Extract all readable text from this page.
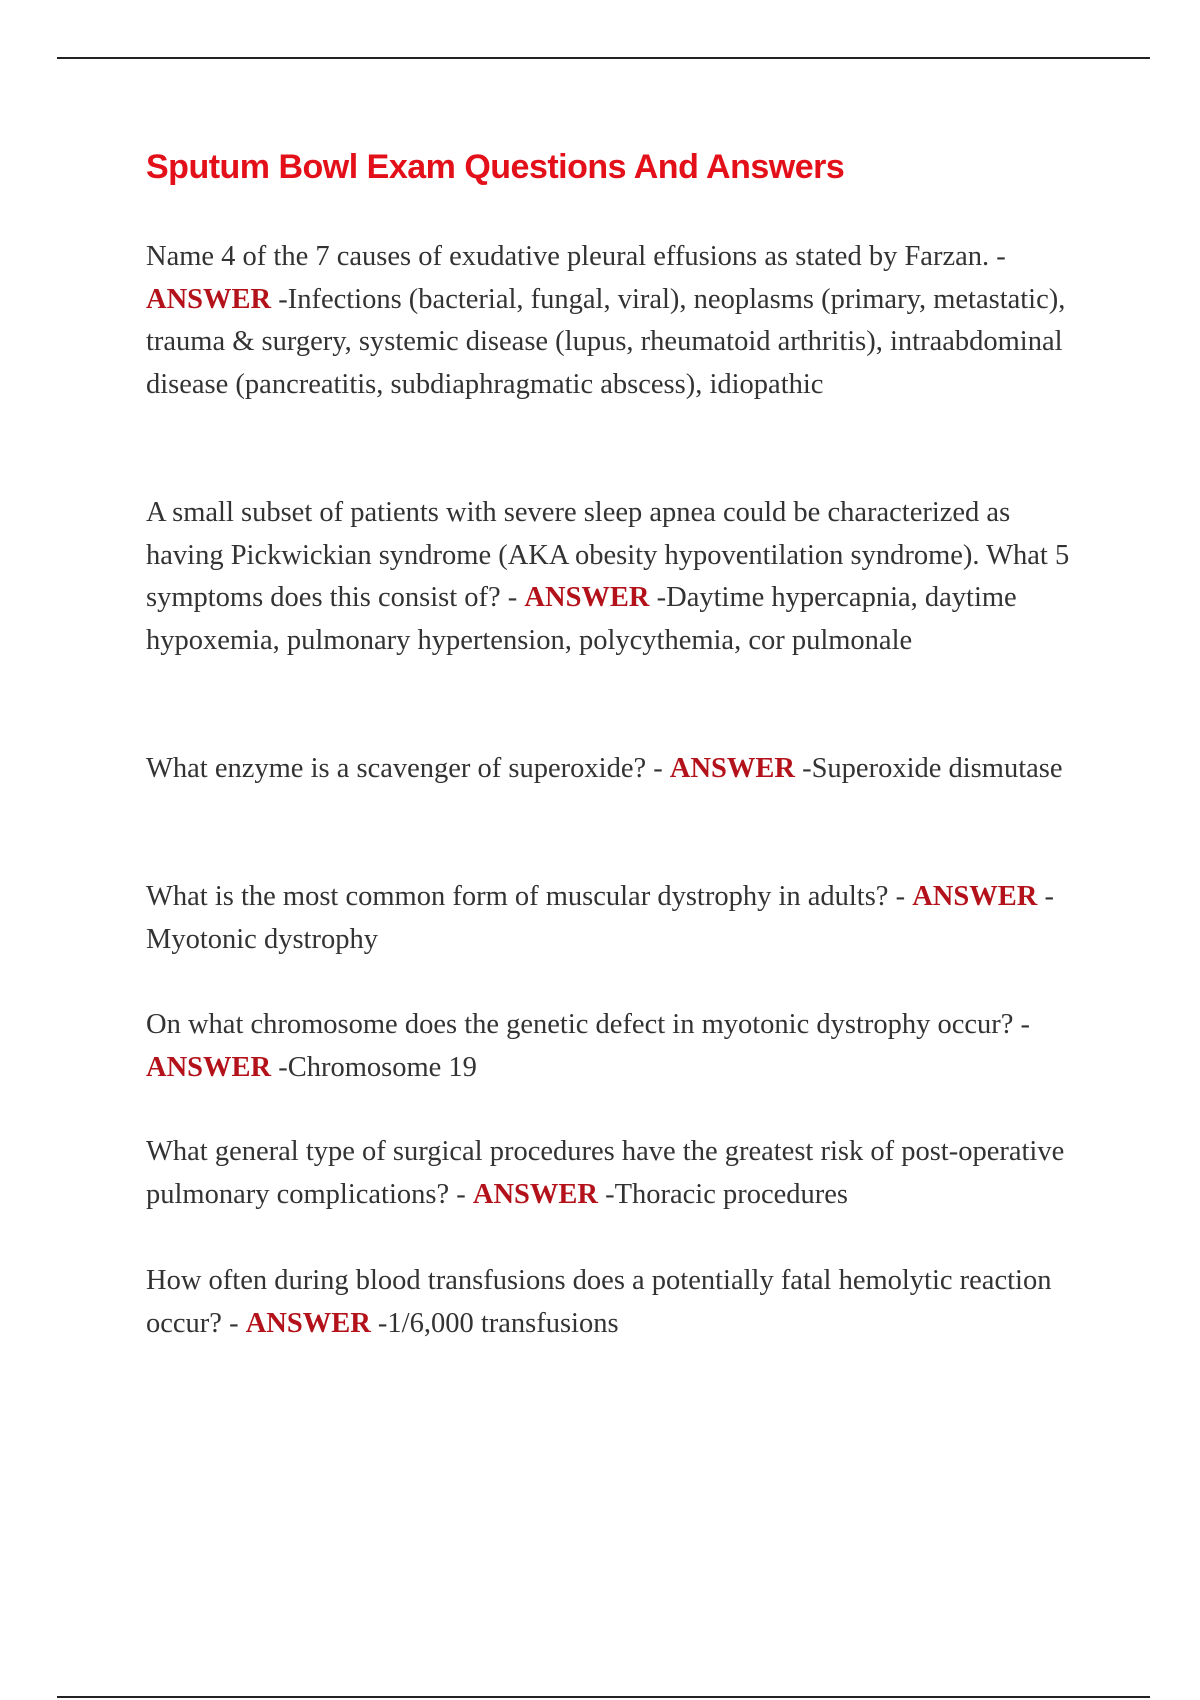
Sputum Bowl Exam Questions And Answers

Name 4 of the 7 causes of exudative pleural effusions as stated by Farzan. - ANSWER -Infections (bacterial, fungal, viral), neoplasms (primary, metastatic), trauma & surgery, systemic disease (lupus, rheumatoid arthritis), intraabdominal disease (pancreatitis, subdiaphragmatic abscess), idiopathic

A small subset of patients with severe sleep apnea could be characterized as having Pickwickian syndrome (AKA obesity hypoventilation syndrome). What 5 symptoms does this consist of? - ANSWER -Daytime hypercapnia, daytime hypoxemia, pulmonary hypertension, polycythemia, cor pulmonale

What enzyme is a scavenger of superoxide? - ANSWER -Superoxide dismutase

What is the most common form of muscular dystrophy in adults? - ANSWER -Myotonic dystrophy

On what chromosome does the genetic defect in myotonic dystrophy occur? - ANSWER -Chromosome 19

What general type of surgical procedures have the greatest risk of post-operative pulmonary complications? - ANSWER -Thoracic procedures

How often during blood transfusions does a potentially fatal hemolytic reaction occur? - ANSWER -1/6,000 transfusions
